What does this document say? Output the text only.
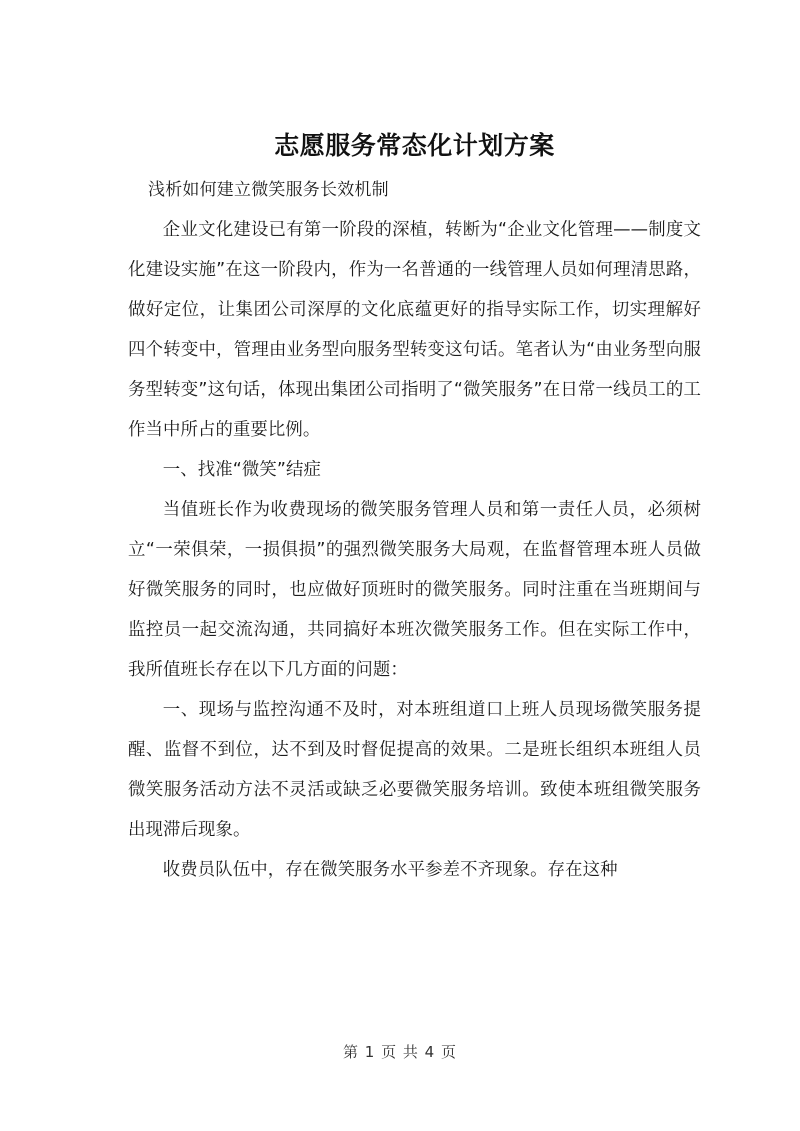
志愿服务常态化计划方案

浅析如何建立微笑服务长效机制

企业文化建设已有第一阶段的深植，转断为“企业文化管理——制度文化建设实施”在这一阶段内，作为一名普通的一线管理人员如何理清思路，做好定位，让集团公司深厚的文化底蕴更好的指导实际工作，切实理解好四个转变中，管理由业务型向服务型转变这句话。笔者认为“由业务型向服务型转变”这句话，体现出集团公司指明了“微笑服务”在日常一线员工的工作当中所占的重要比例。

一、找准“微笑”结症

当值班长作为收费现场的微笑服务管理人员和第一责任人员，必须树立“一荣俱荣，一损俱损”的强烈微笑服务大局观，在监督管理本班人员做好微笑服务的同时，也应做好顶班时的微笑服务。同时注重在当班期间与监控员一起交流沟通，共同搞好本班次微笑服务工作。但在实际工作中，我所值班长存在以下几方面的问题：

一、现场与监控沟通不及时，对本班组道口上班人员现场微笑服务提醒、监督不到位，达不到及时督促提高的效果。二是班长组织本班组人员微笑服务活动方法不灵活或缺乏必要微笑服务培训。致使本班组微笑服务出现滞后现象。

收费员队伍中，存在微笑服务水平参差不齐现象。存在这种

第 1 页 共 4 页
